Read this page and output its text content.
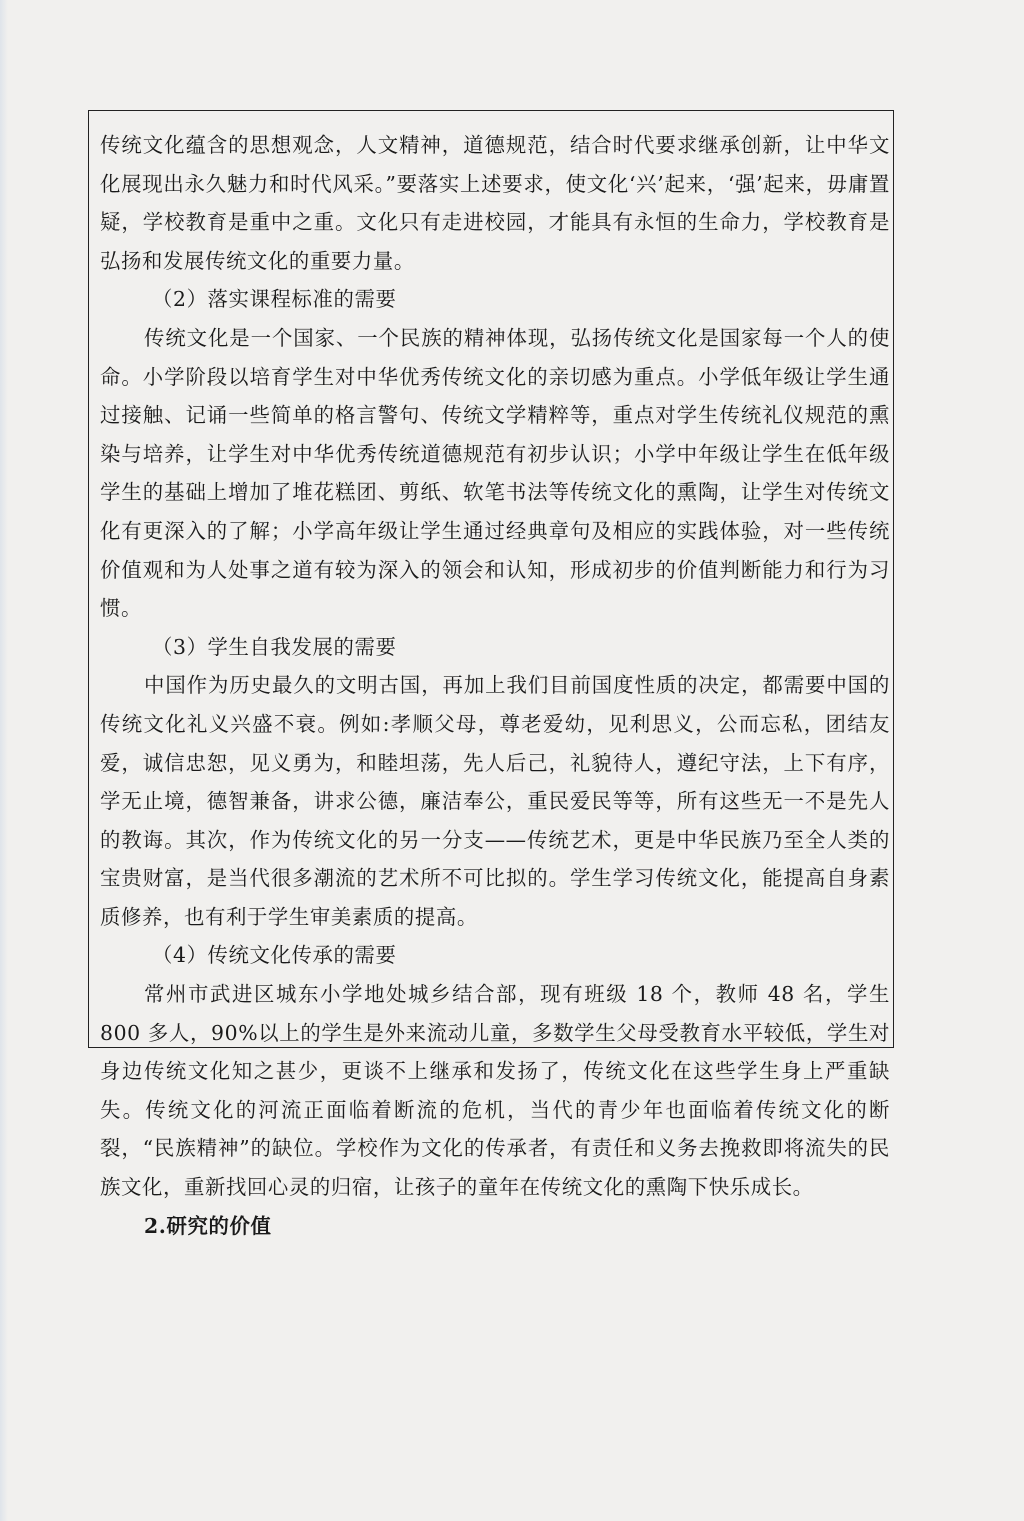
传统文化蕴含的思想观念，人文精神，道德规范，结合时代要求继承创新，让中华文化展现出永久魅力和时代风采。”要落实上述要求，使文化‘兴’起来，‘强’起来，毋庸置疑，学校教育是重中之重。文化只有走进校园，才能具有永恒的生命力，学校教育是弘扬和发展传统文化的重要力量。

（2）落实课程标准的需要

传统文化是一个国家、一个民族的精神体现，弘扬传统文化是国家每一个人的使命。小学阶段以培育学生对中华优秀传统文化的亲切感为重点。小学低年级让学生通过接触、记诵一些简单的格言警句、传统文学精粹等，重点对学生传统礼仪规范的熏染与培养，让学生对中华优秀传统道德规范有初步认识；小学中年级让学生在低年级学生的基础上增加了堆花糕团、剪纸、软笔书法等传统文化的熏陶，让学生对传统文化有更深入的了解；小学高年级让学生通过经典章句及相应的实践体验，对一些传统价值观和为人处事之道有较为深入的领会和认知，形成初步的价值判断能力和行为习惯。

（3）学生自我发展的需要

中国作为历史最久的文明古国，再加上我们目前国度性质的决定，都需要中国的传统文化礼义兴盛不衰。例如:孝顺父母，尊老爱幼，见利思义，公而忘私，团结友爱，诚信忠恕，见义勇为，和睦坦荡，先人后己，礼貌待人，遵纪守法，上下有序，学无止境，德智兼备，讲求公德，廉洁奉公，重民爱民等等，所有这些无一不是先人的教诲。其次，作为传统文化的另一分支——传统艺术，更是中华民族乃至全人类的宝贵财富，是当代很多潮流的艺术所不可比拟的。学生学习传统文化，能提高自身素质修养，也有利于学生审美素质的提高。

（4）传统文化传承的需要

常州市武进区城东小学地处城乡结合部，现有班级 18 个，教师 48 名，学生 800 多人，90%以上的学生是外来流动儿童，多数学生父母受教育水平较低，学生对身边传统文化知之甚少，更谈不上继承和发扬了，传统文化在这些学生身上严重缺失。传统文化的河流正面临着断流的危机，当代的青少年也面临着传统文化的断裂，“民族精神”的缺位。学校作为文化的传承者，有责任和义务去挽救即将流失的民族文化，重新找回心灵的归宿，让孩子的童年在传统文化的熏陶下快乐成长。

2.研究的价值
